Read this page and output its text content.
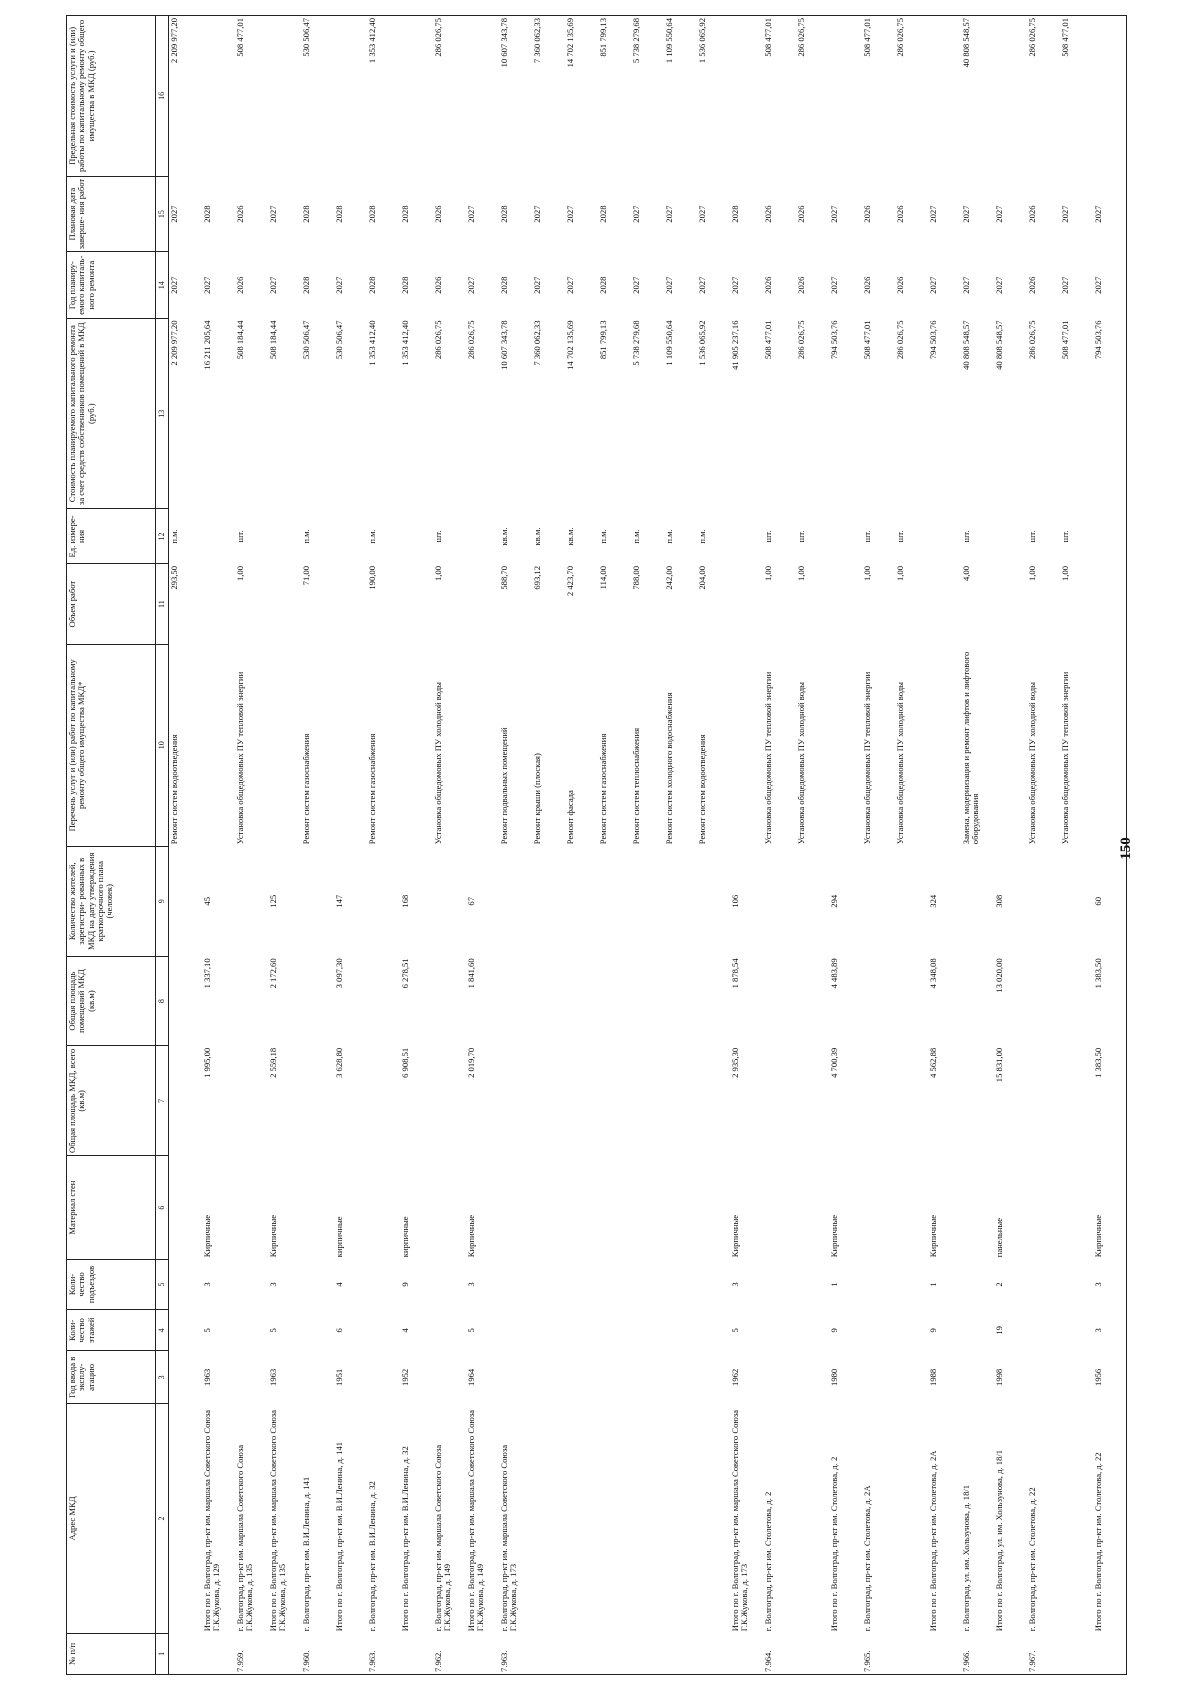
150
№ п/п	Адрес МКД	Год ввода в эксплу- атацию	Коли- чество этажей	Коли- чество подъездов	Материал стен	Общая площадь МКД, всего (кв.м)	Общая площадь помещений МКД (кв.м)	Количество жителей, зарегистри- рованных в МКД на дату утверждения краткосрочного плана (человек)	Перечень услуг и (или) работ по капитальному ремонту общего имущества МКД*	Объем работ	Ед. измере- ния	Стоимость планируемого капитального ремонта за счет средств собственников помещений в МКД (руб.)	Год планиру- емого капиталь- ного ремонта	Плановая дата заверше- ния работ	Предельная стоимость услуги и (или) работы по капитальному ремонту общего имущества в МКД (руб.)
1	2	3	4	5	6	7	8	9	10	11	12	13	14	15	16
									Ремонт систем водоотведения	293,50	п.м.	2 209 977,20	2027	2027	2 209 977,20
	Итого по г. Волгоград, пр-кт им. маршала Советского Союза Г.К.Жукова, д. 129	1963	5	3	Кирпичные	1 995,00	1 337,10	45				16 211 205,64	2027	2028	
7.959.	г. Волгоград, пр-кт им. маршала Советского Союза Г.К.Жукова, д. 135								Установка общедомовых ПУ тепловой энергии	1,00	шт.	508 184,44	2026	2026	508 477,01
	Итого по г. Волгоград, пр-кт им. маршала Советского Союза Г.К.Жукова, д. 135	1963	5	3	Кирпичные	2 559,18	2 172,60	125				508 184,44	2027	2027	
7.960.	г. Волгоград, пр-кт им. В.И.Ленина, д. 141								Ремонт систем газоснабжения	71,00	п.м.	530 506,47	2028	2028	530 506,47
	Итого по г. Волгоград, пр-кт им. В.И.Ленина, д. 141	1951	6	4	кирпичные	3 628,80	3 097,30	147				530 506,47	2027	2028	
7.963.	г. Волгоград, пр-кт им. В.И.Ленина, д. 32								Ремонт систем газоснабжения	190,00	п.м.	1 353 412,40	2028	2028	1 353 412,40
	Итого по г. Волгоград, пр-кт им. В.И.Ленина, д. 32	1952	4	9	кирпичные	6 908,51	6 278,51	168				1 353 412,40	2028	2028	
7.962.	г. Волгоград, пр-кт им. маршала Советского Союза Г.К.Жукова, д. 149								Установка общедомовых ПУ холодной воды	1,00	шт.	286 026,75	2026	2026	286 026,75
	Итого по г. Волгоград, пр-кт им. маршала Советского Союза Г.К.Жукова, д. 149	1964	5	3	Кирпичные	2 019,70	1 841,60	67				286 026,75	2027	2027	
7.963.	г. Волгоград, пр-кт им. маршала Советского Союза Г.К.Жукова, д. 173								Ремонт подвальных помещений	588,70	кв.м.	10 607 343,78	2028	2028	10 607 343,78
									Ремонт крыши (плоская)	693,12	кв.м.	7 360 062,33	2027	2027	7 360 062,33
									Ремонт фасада	2 423,70	кв.м.	14 702 135,69	2027	2027	14 702 135,69
									Ремонт систем газоснабжения	114,00	п.м.	851 799,13	2028	2028	851 799,13
									Ремонт систем теплоснабжения	788,00	п.м.	5 738 279,68	2027	2027	5 738 279,68
									Ремонт систем холодного водоснабжения	242,00	п.м.	1 109 550,64	2027	2027	1 109 550,64
									Ремонт систем водоотведения	204,00	п.м.	1 536 065,92	2027	2027	1 536 065,92
	Итого по г. Волгоград, пр-кт им. маршала Советского Союза Г.К.Жукова, д. 173	1962	5	3	Кирпичные	2 935,30	1 878,54	106				41 905 237,16	2027	2028	
7.964.	г. Волгоград, пр-кт им. Столетова, д. 2								Установка общедомовых ПУ тепловой энергии	1,00	шт.	508 477,01	2026	2026	508 477,01
									Установка общедомовых ПУ холодной воды	1,00	шт.	286 026,75	2026	2026	286 026,75
	Итого по г. Волгоград, пр-кт им. Столетова, д. 2	1980	9	1	Кирпичные	4 700,39	4 483,89	294				794 503,76	2027	2027	
7.965.	г. Волгоград, пр-кт им. Столетова, д. 2А								Установка общедомовых ПУ тепловой энергии	1,00	шт.	508 477,01	2026	2026	508 477,01
									Установка общедомовых ПУ холодной воды	1,00	шт.	286 026,75	2026	2026	286 026,75
	Итого по г. Волгоград, пр-кт им. Столетова, д. 2А	1988	9	1	Кирпичные	4 562,88	4 348,08	324				794 503,76	2027	2027	
7.966.	г. Волгоград, ул. им. Хользунова, д. 18/1								Замена, модернизация и ремонт лифтов и лифтового оборудования	4,00	шт.	40 808 548,57	2027	2027	40 808 548,57
	Итого по г. Волгоград, ул. им. Хользунова, д. 18/1	1998	19	2	панельные	15 831,00	13 020,00	308				40 808 548,57	2027	2027	
7.967.	г. Волгоград, пр-кт им. Столетова, д. 22								Установка общедомовых ПУ холодной воды	1,00	шт.	286 026,75	2026	2026	286 026,75
									Установка общедомовых ПУ тепловой энергии	1,00	шт.	508 477,01	2027	2027	508 477,01
	Итого по г. Волгоград, пр-кт им. Столетова, д. 22	1956	3	3	Кирпичные	1 383,50	1 383,50	60				794 503,76	2027	2027	
